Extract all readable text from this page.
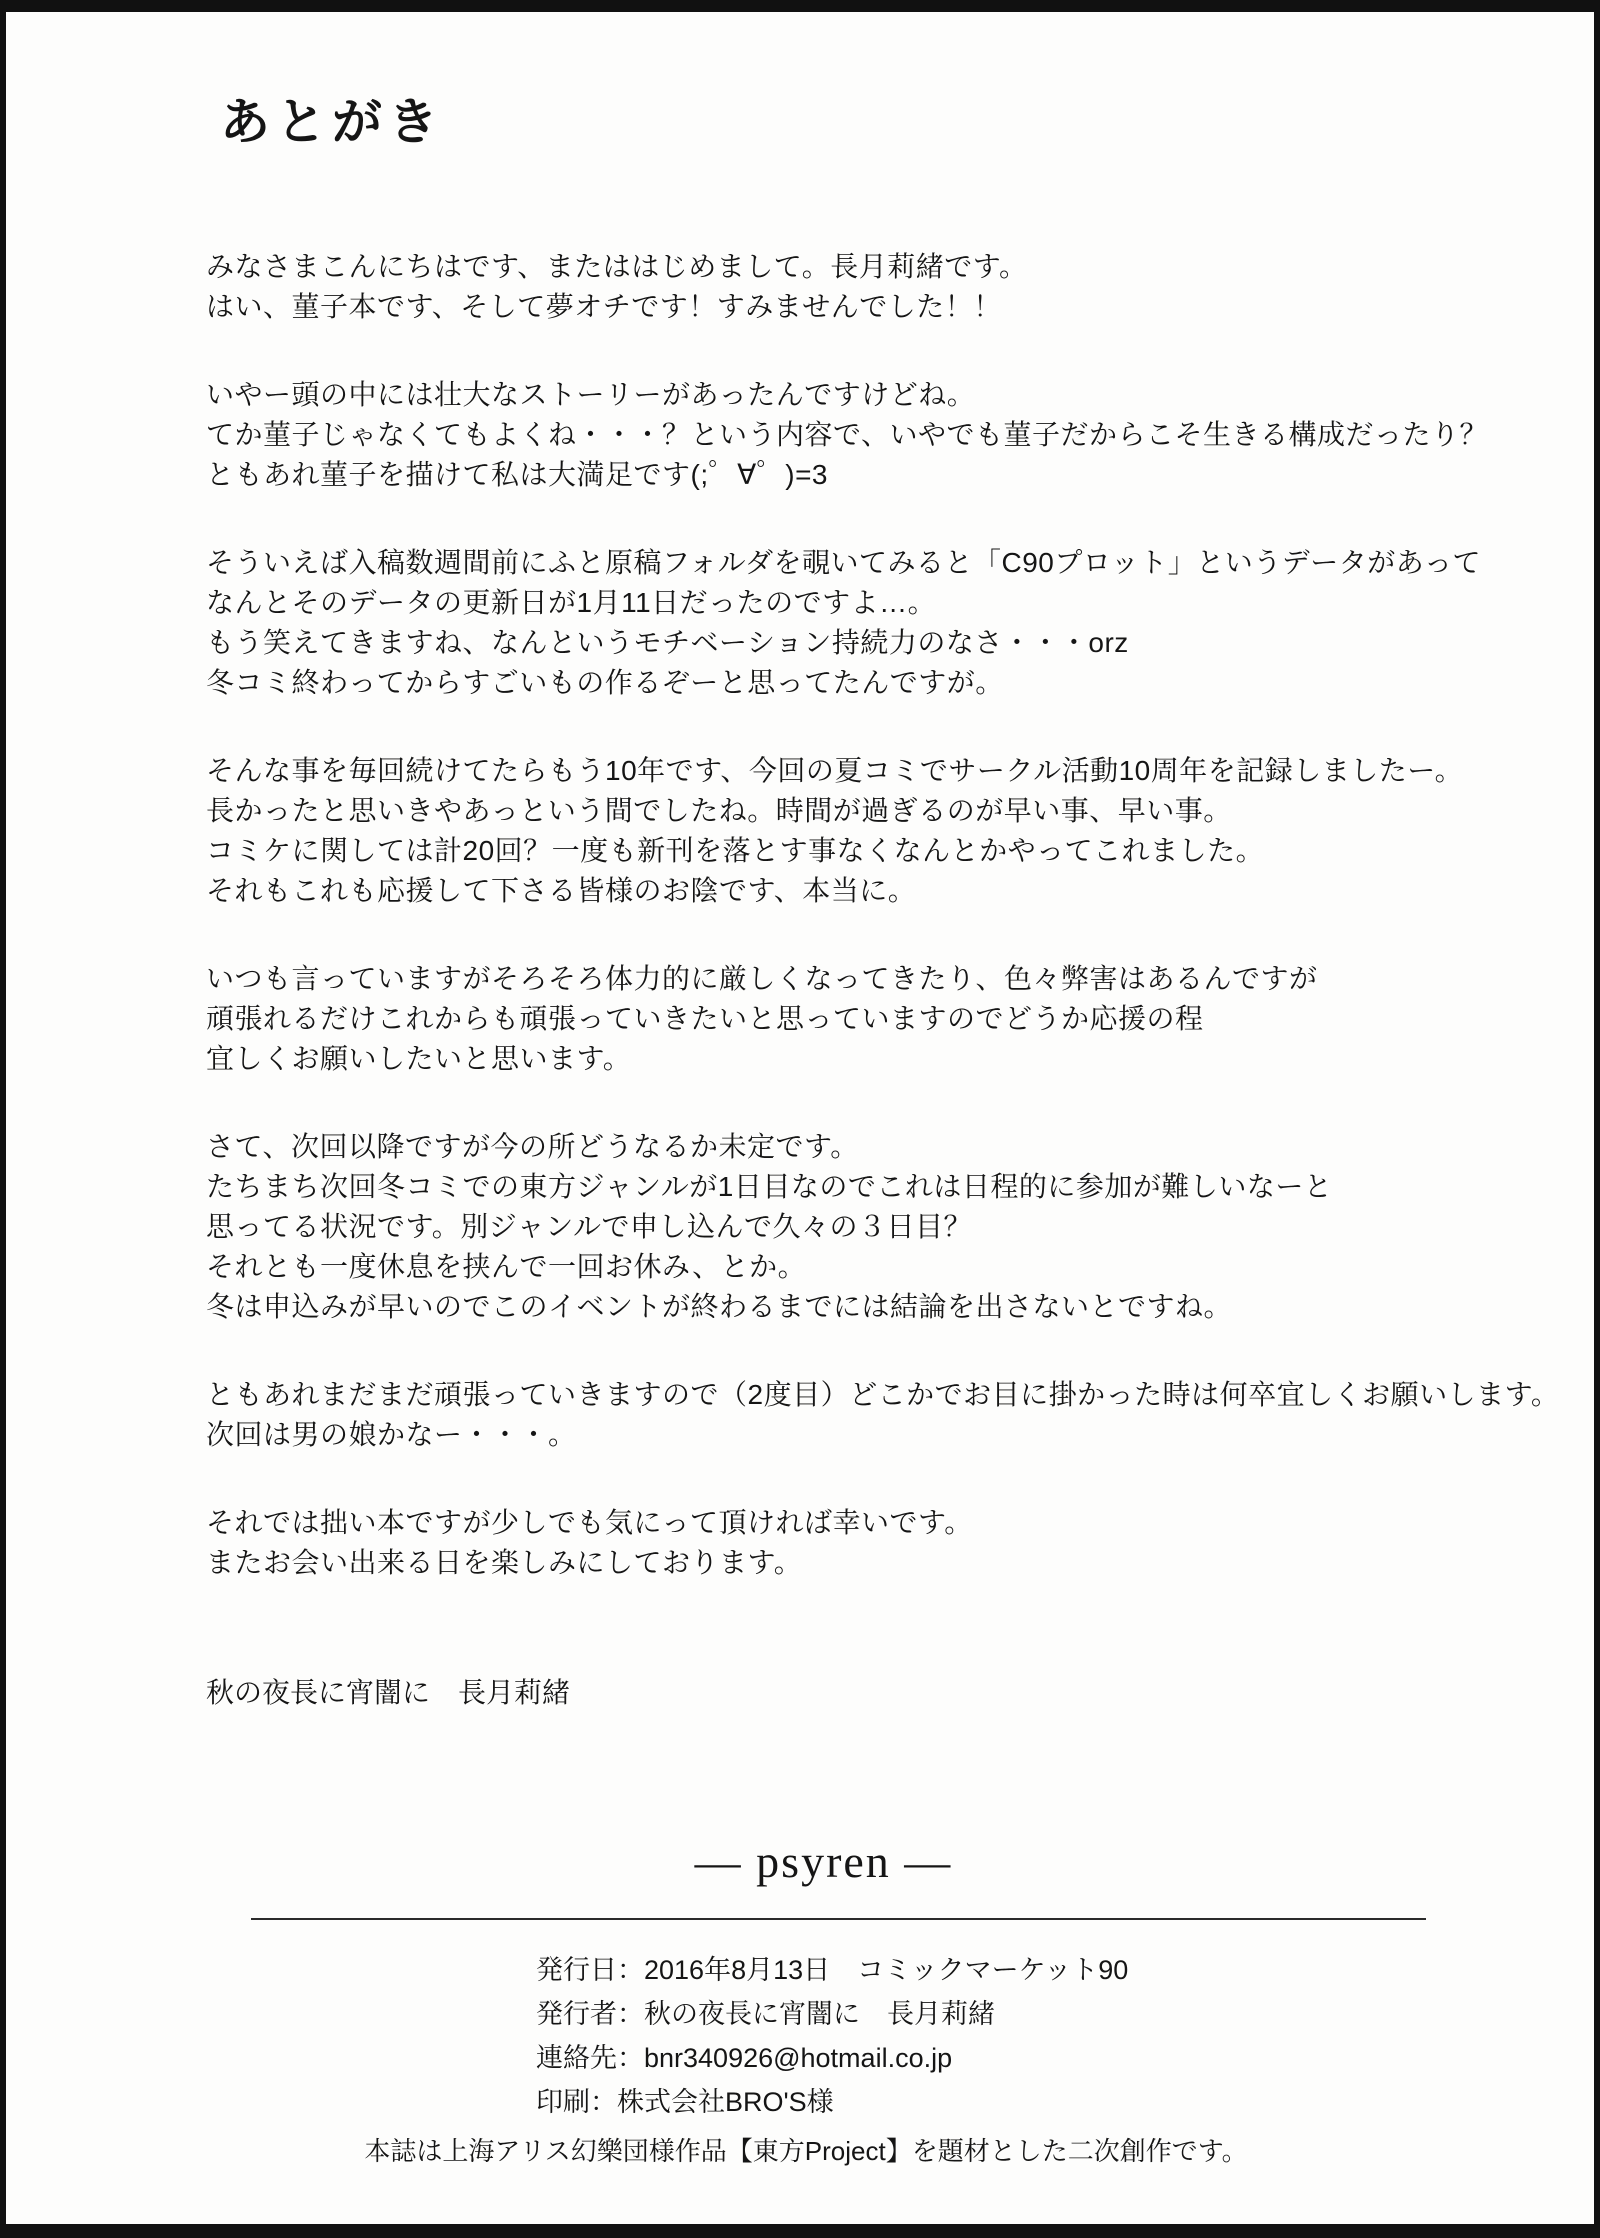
あとがき
みなさまこんにちはです、またははじめまして。長月莉緒です。
はい、菫子本です、そして夢オチです！すみませんでした！！
いやー頭の中には壮大なストーリーがあったんですけどね。
てか菫子じゃなくてもよくね・・・？という内容で、いやでも菫子だからこそ生きる構成だったり？
ともあれ菫子を描けて私は大満足です(;゜∀゜)=3
そういえば入稿数週間前にふと原稿フォルダを覗いてみると「C90プロット」というデータがあって
なんとそのデータの更新日が1月11日だったのですよ…。
もう笑えてきますね、なんというモチベーション持続力のなさ・・・orz
冬コミ終わってからすごいもの作るぞーと思ってたんですが。
そんな事を毎回続けてたらもう10年です、今回の夏コミでサークル活動10周年を記録しましたー。
長かったと思いきやあっという間でしたね。時間が過ぎるのが早い事、早い事。
コミケに関しては計20回？一度も新刊を落とす事なくなんとかやってこれました。
それもこれも応援して下さる皆様のお陰です、本当に。
いつも言っていますがそろそろ体力的に厳しくなってきたり、色々弊害はあるんですが
頑張れるだけこれからも頑張っていきたいと思っていますのでどうか応援の程
宜しくお願いしたいと思います。
さて、次回以降ですが今の所どうなるか未定です。
たちまち次回冬コミでの東方ジャンルが1日目なのでこれは日程的に参加が難しいなーと
思ってる状況です。別ジャンルで申し込んで久々の３日目？
それとも一度休息を挟んで一回お休み、とか。
冬は申込みが早いのでこのイベントが終わるまでには結論を出さないとですね。
ともあれまだまだ頑張っていきますので（2度目）どこかでお目に掛かった時は何卒宜しくお願いします。
次回は男の娘かなー・・・。
それでは拙い本ですが少しでも気にって頂ければ幸いです。
またお会い出来る日を楽しみにしております。
秋の夜長に宵闇に　長月莉緒
— psyren —
発行日：2016年8月13日　コミックマーケット90
発行者：秋の夜長に宵闇に　長月莉緒
連絡先：bnr340926@hotmail.co.jp
印刷：株式会社BRO'S様
本誌は上海アリス幻樂団様作品【東方Project】を題材とした二次創作です。
